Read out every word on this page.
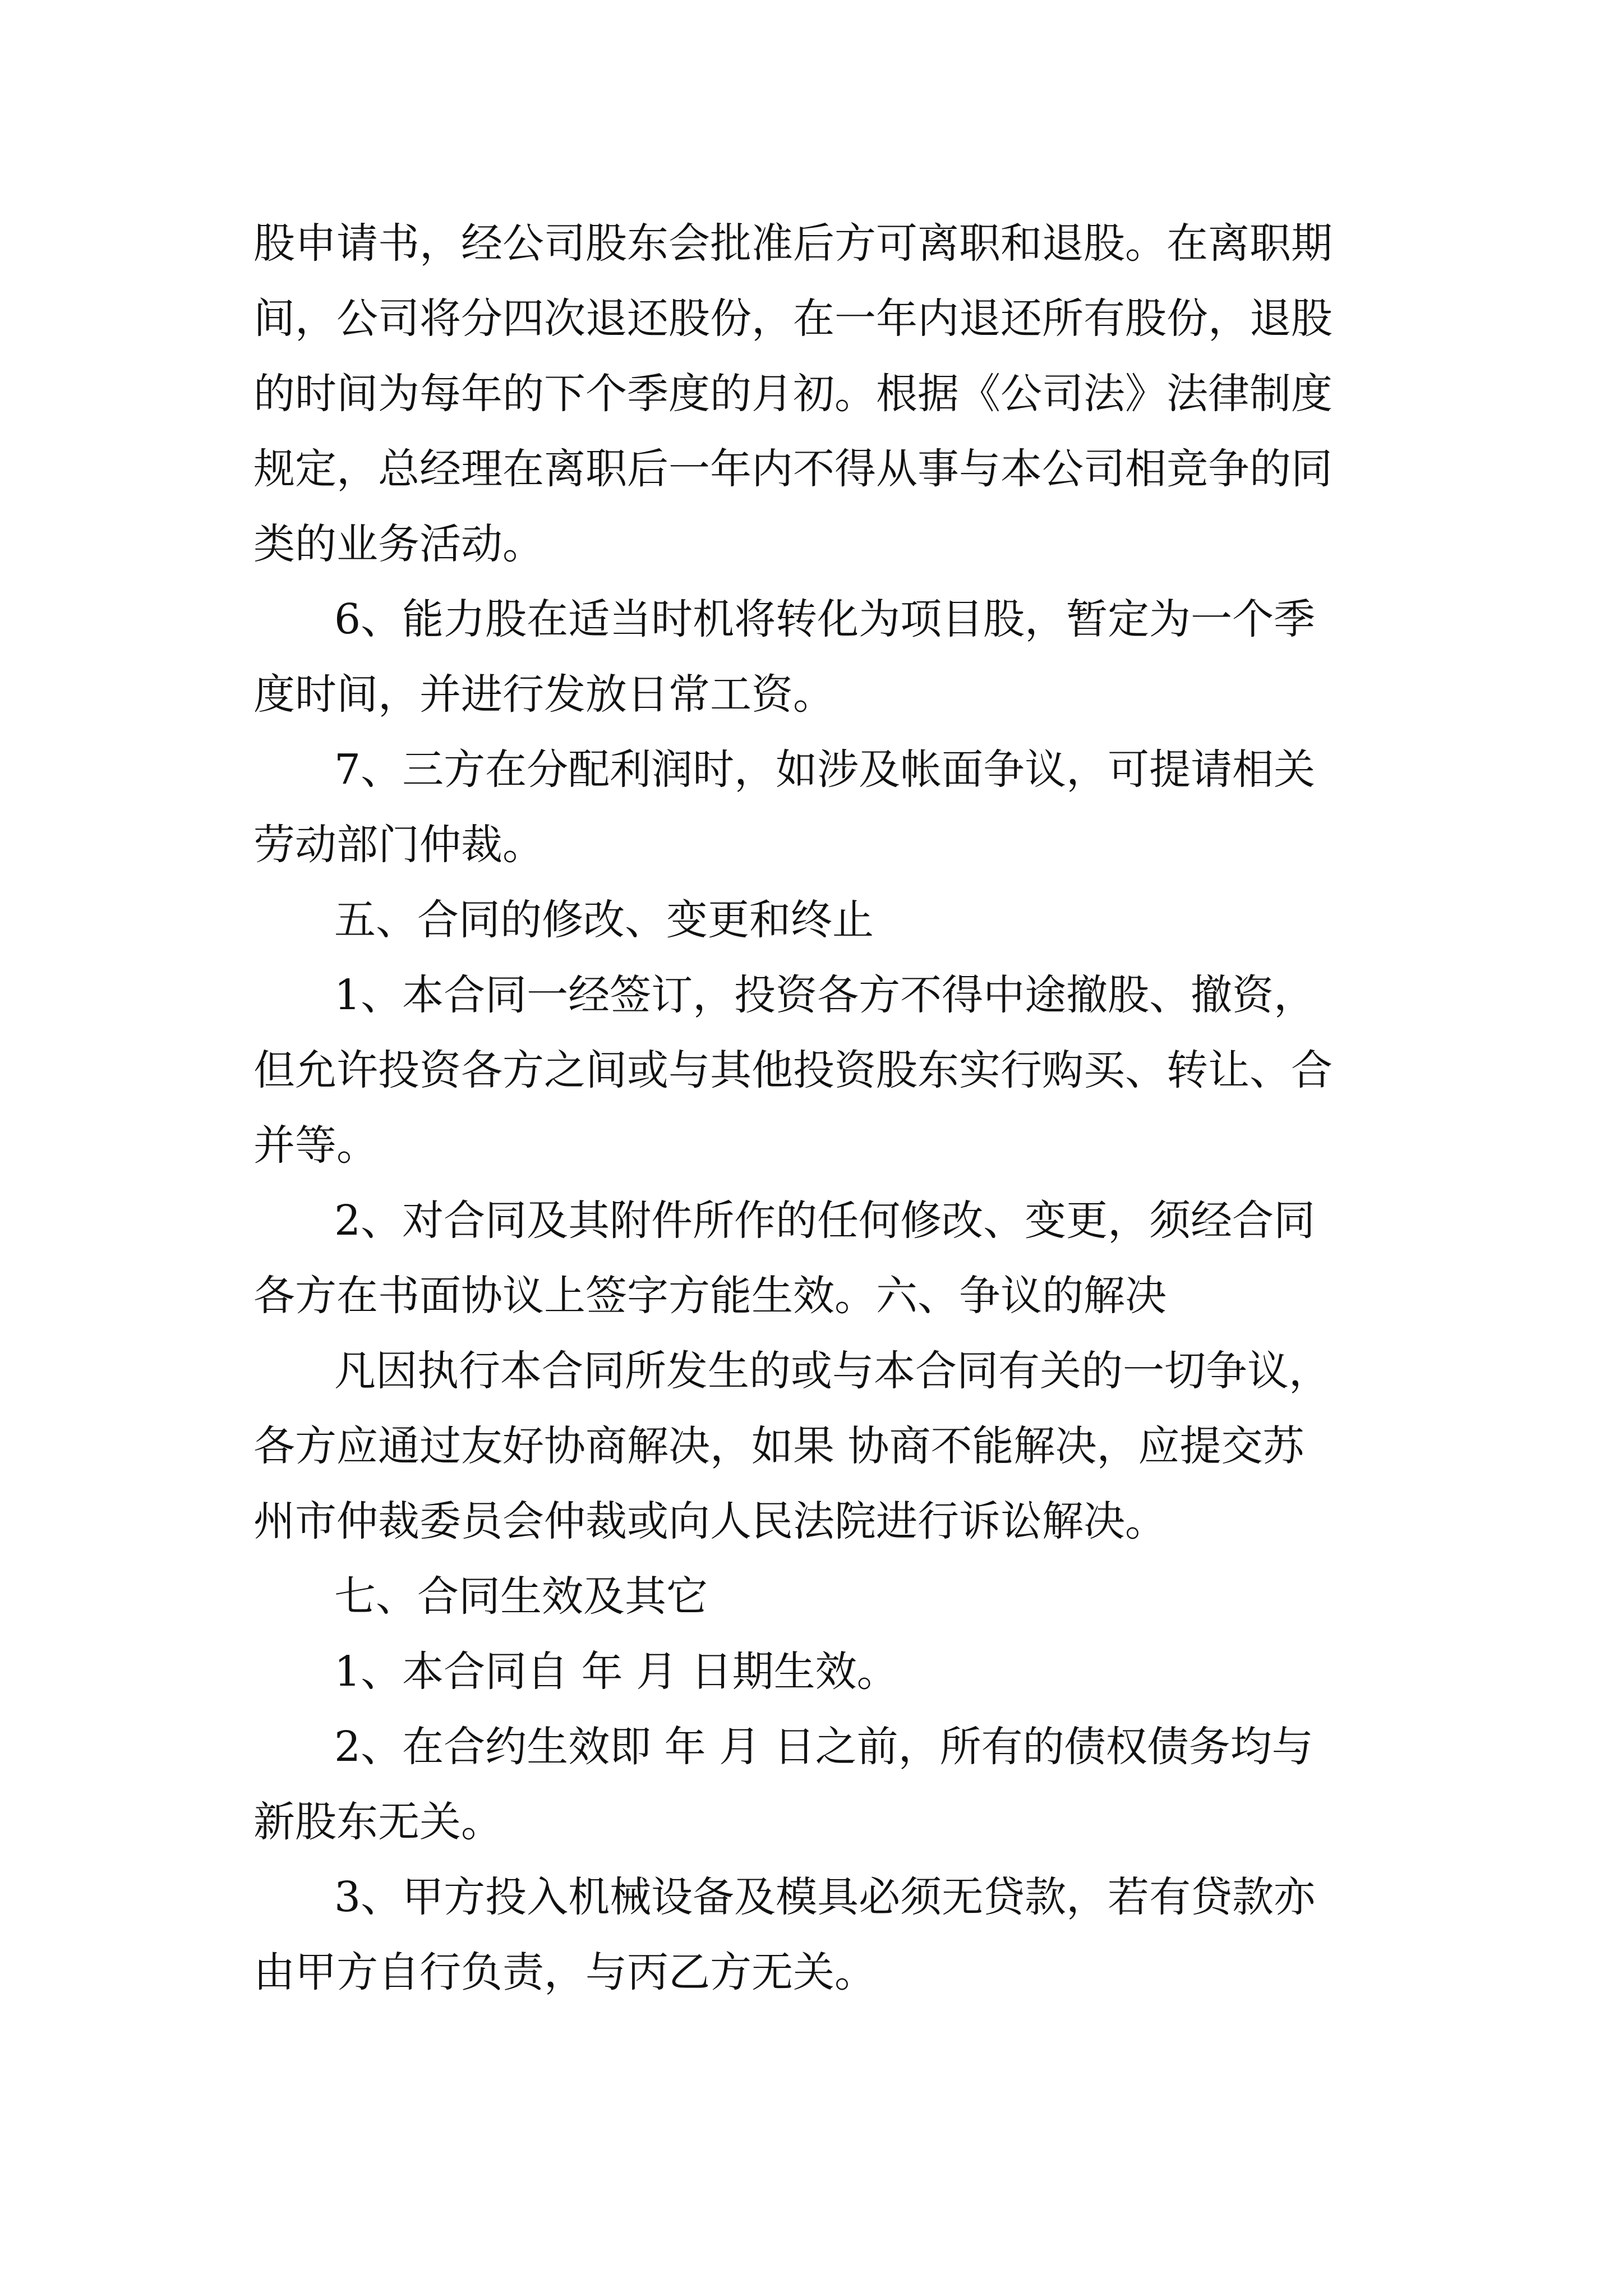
股申请书，经公司股东会批准后方可离职和退股。在离职期

间，公司将分四次退还股份，在一年内退还所有股份，退股

的时间为每年的下个季度的月初。根据《公司法》法律制度

规定，总经理在离职后一年内不得从事与本公司相竞争的同

类的业务活动。

6、能力股在适当时机将转化为项目股，暂定为一个季

度时间，并进行发放日常工资。

7、三方在分配利润时，如涉及帐面争议，可提请相关

劳动部门仲裁。

五、合同的修改、变更和终止

1、本合同一经签订，投资各方不得中途撤股、撤资，

但允许投资各方之间或与其他投资股东实行购买、转让、合

并等。

2、对合同及其附件所作的任何修改、变更，须经合同

各方在书面协议上签字方能生效。六、争议的解决

凡因执行本合同所发生的或与本合同有关的一切争议，

各方应通过友好协商解决，如果 协商不能解决，应提交苏

州市仲裁委员会仲裁或向人民法院进行诉讼解决。

七、合同生效及其它

1、本合同自 年 月 日期生效。

2、在合约生效即 年 月 日之前，所有的债权债务均与

新股东无关。

3、甲方投入机械设备及模具必须无贷款，若有贷款亦

由甲方自行负责，与丙乙方无关。
